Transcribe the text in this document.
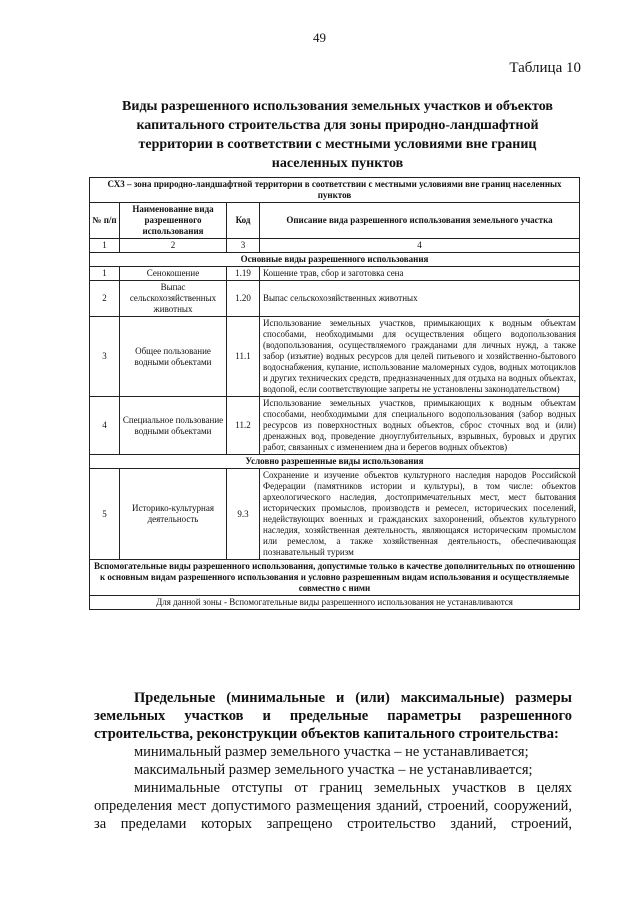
49
Таблица 10
Виды разрешенного использования земельных участков и объектов
капитального строительства для зоны природно-ландшафтной
территории в соответствии с местными условиями вне границ
населенных пунктов
СХ3 – зона природно-ландшафтной территории в соответствии с местными условиями вне границ населенных пунктов			
№ п/п	Наименование вида разрешенного использования	Код	Описание вида разрешенного использования земельного участка
1	2	3	4
Основные виды разрешенного использования			
1	Сенокошение	1.19	Кошение трав, сбор и заготовка сена
2	Выпас сельскохозяйственных животных	1.20	Выпас сельскохозяйственных животных
3	Общее пользование водными объектами	11.1	Использование земельных участков, примыкающих к водным объектам способами, необходимыми для осуществления общего водопользования (водопользования, осуществляемого гражданами для личных нужд, а также забор (изъятие) водных ресурсов для целей питьевого и хозяйственно-бытового водоснабжения, купание, использование маломерных судов, водных мотоциклов и других технических средств, предназначенных для отдыха на водных объектах, водопой, если соответствующие запреты не установлены законодательством)
4	Специальное пользование водными объектами	11.2	Использование земельных участков, примыкающих к водным объектам способами, необходимыми для специального водопользования (забор водных ресурсов из поверхностных водных объектов, сброс сточных вод и (или) дренажных вод, проведение дноуглубительных, взрывных, буровых и других работ, связанных с изменением дна и берегов водных объектов)
Условно разрешенные виды использования			
5	Историко-культурная деятельность	9.3	Сохранение и изучение объектов культурного наследия народов Российской Федерации (памятников истории и культуры), в том числе: объектов археологического наследия, достопримечательных мест, мест бытования исторических промыслов, производств и ремесел, исторических поселений, недействующих военных и гражданских захоронений, объектов культурного наследия, хозяйственная деятельность, являющаяся историческим промыслом или ремеслом, а также хозяйственная деятельность, обеспечивающая познавательный туризм
Вспомогательные виды разрешенного использования, допустимые только в качестве дополнительных по отношению к основным видам разрешенного использования и условно разрешенным видам использования и осуществляемые совместно с ними			
Для данной зоны - Вспомогательные виды разрешенного использования не устанавливаются			
Предельные (минимальные и (или) максимальные) размеры
земельных участков и предельные параметры разрешенного
строительства, реконструкции объектов капитального строительства:
минимальный размер земельного участка – не устанавливается;
максимальный размер земельного участка – не устанавливается;
минимальные отступы от границ земельных участков в целях
определения мест допустимого размещения зданий, строений, сооружений,
за пределами которых запрещено строительство зданий, строений,
